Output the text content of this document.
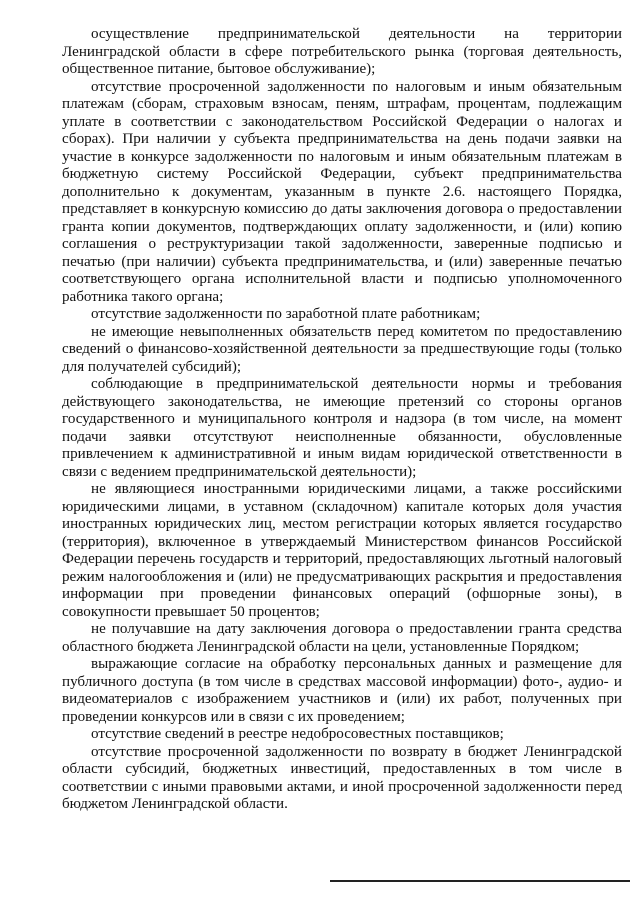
осуществление предпринимательской деятельности на территории Ленинградской области в сфере потребительского рынка (торговая деятельность, общественное питание, бытовое обслуживание);

отсутствие просроченной задолженности по налоговым и иным обязательным платежам (сборам, страховым взносам, пеням, штрафам, процентам, подлежащим уплате в соответствии с законодательством Российской Федерации о налогах и сборах). При наличии у субъекта предпринимательства на день подачи заявки на участие в конкурсе задолженности по налоговым и иным обязательным платежам в бюджетную систему Российской Федерации, субъект предпринимательства дополнительно к документам, указанным в пункте 2.6. настоящего Порядка, представляет в конкурсную комиссию до даты заключения договора о предоставлении гранта копии документов, подтверждающих оплату задолженности, и (или) копию соглашения о реструктуризации такой задолженности, заверенные подписью и печатью (при наличии) субъекта предпринимательства, и (или) заверенные печатью соответствующего органа исполнительной власти и подписью уполномоченного работника такого органа;

отсутствие задолженности по заработной плате работникам;

не имеющие невыполненных обязательств перед комитетом по предоставлению сведений о финансово-хозяйственной деятельности за предшествующие годы (только для получателей субсидий);

соблюдающие в предпринимательской деятельности нормы и требования действующего законодательства, не имеющие претензий со стороны органов государственного и муниципального контроля и надзора (в том числе, на момент подачи заявки отсутствуют неисполненные обязанности, обусловленные привлечением к административной и иным видам юридической ответственности в связи с ведением предпринимательской деятельности);

не являющиеся иностранными юридическими лицами, а также российскими юридическими лицами, в уставном (складочном) капитале которых доля участия иностранных юридических лиц, местом регистрации которых является государство (территория), включенное в утверждаемый Министерством финансов Российской Федерации перечень государств и территорий, предоставляющих льготный налоговый режим налогообложения и (или) не предусматривающих раскрытия и предоставления информации при проведении финансовых операций (офшорные зоны), в совокупности превышает 50 процентов;

не получавшие на дату заключения договора о предоставлении гранта средства областного бюджета Ленинградской области на цели, установленные Порядком;

выражающие согласие на обработку персональных данных и размещение для публичного доступа (в том числе в средствах массовой информации) фото-, аудио- и видеоматериалов с изображением участников и (или) их работ, полученных при проведении конкурсов или в связи с их проведением;

отсутствие сведений в реестре недобросовестных поставщиков;

отсутствие просроченной задолженности по возврату в бюджет Ленинградской области субсидий, бюджетных инвестиций, предоставленных в том числе в соответствии с иными правовыми актами, и иной просроченной задолженности перед бюджетом Ленинградской области.
